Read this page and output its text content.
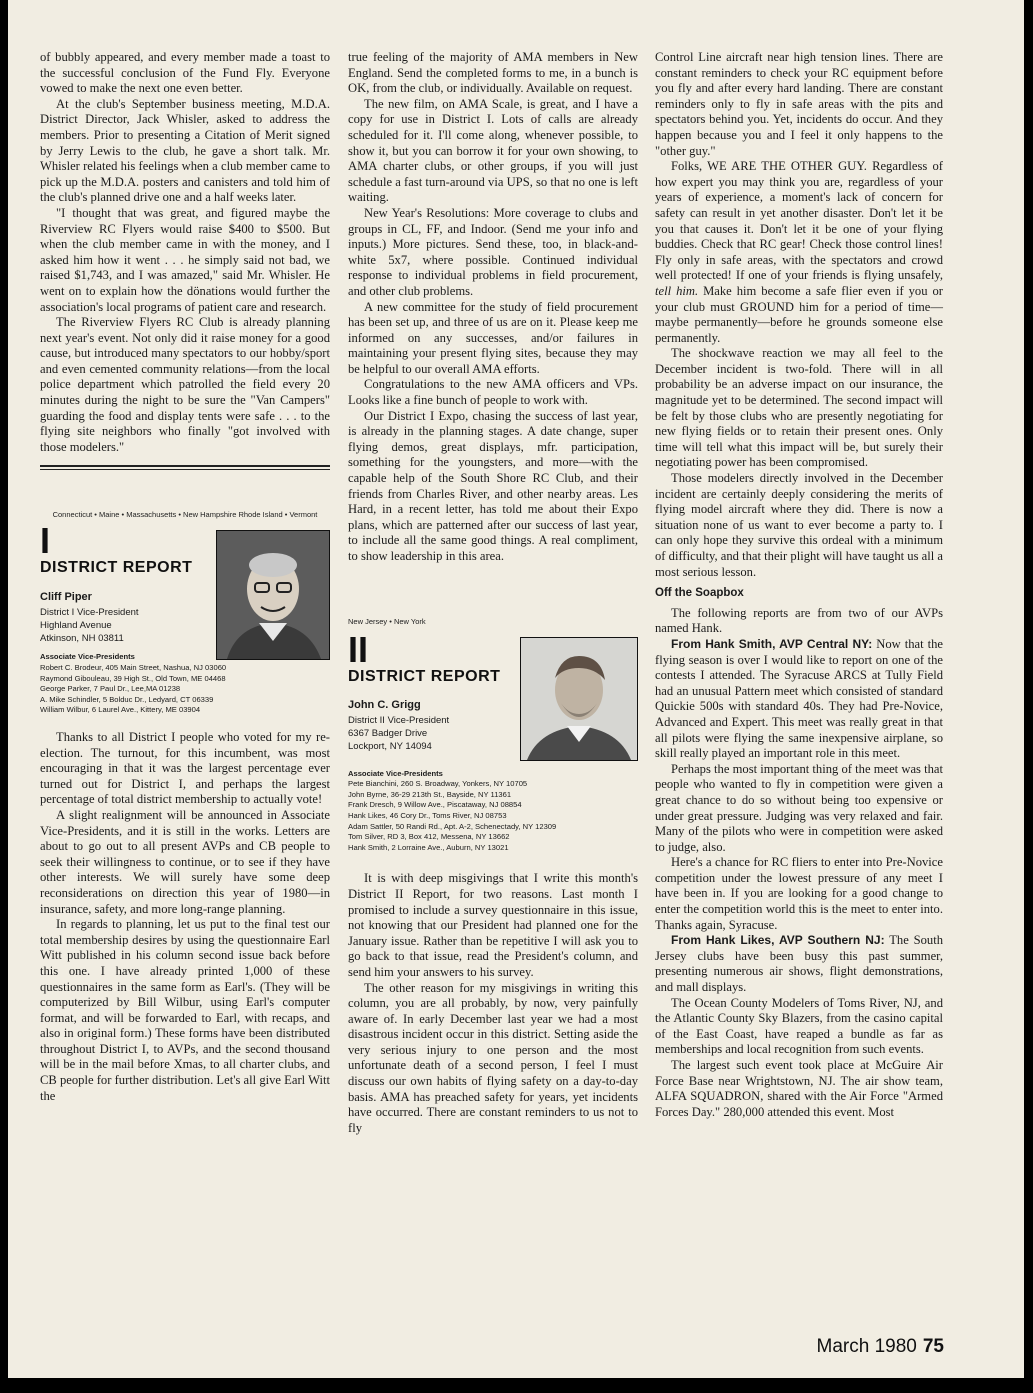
of bubbly appeared, and every member made a toast to the successful conclusion of the Fund Fly. Everyone vowed to make the next one even better.

At the club's September business meeting, M.D.A. District Director, Jack Whisler, asked to address the members. Prior to presenting a Citation of Merit signed by Jerry Lewis to the club, he gave a short talk. Mr. Whisler related his feelings when a club member came to pick up the M.D.A. posters and canisters and told him of the club's planned drive one and a half weeks later.

"I thought that was great, and figured maybe the Riverview RC Flyers would raise $400 to $500. But when the club member came in with the money, and I asked him how it went . . . he simply said not bad, we raised $1,743, and I was amazed," said Mr. Whisler. He went on to explain how the dönations would further the association's local programs of patient care and research.

The Riverview Flyers RC Club is already planning next year's event. Not only did it raise money for a good cause, but introduced many spectators to our hobby/sport and even cemented community relations—from the local police department which patrolled the field every 20 minutes during the night to be sure the "Van Campers" guarding the food and display tents were safe . . . to the flying site neighbors who finally "got involved with those modelers."

Connecticut • Maine • Massachusetts • New Hampshire Rhode Island • Vermont
I
DISTRICT REPORT
Cliff Piper
District I Vice-President
Highland Avenue
Atkinson, NH 03811
Associate Vice-Presidents
Robert C. Brodeur, 405 Main Street, Nashua, NJ 03060
Raymond Gibouleau, 39 High St., Old Town, ME 04468
George Parker, 7 Paul Dr., Lee,MA 01238
A. Mike Schindler, 5 Bolduc Dr., Ledyard, CT 06339
William Wilbur, 6 Laurel Ave., Kittery, ME 03904

Thanks to all District I people who voted for my re-election. The turnout, for this incumbent, was most encouraging in that it was the largest percentage ever turned out for District I, and perhaps the largest percentage of total district membership to actually vote!

A slight realignment will be announced in Associate Vice-Presidents, and it is still in the works. Letters are about to go out to all present AVPs and CB people to seek their willingness to continue, or to see if they have other interests. We will surely have some deep reconsiderations on direction this year of 1980—in insurance, safety, and more long-range planning.

In regards to planning, let us put to the final test our total membership desires by using the questionnaire Earl Witt published in his column second issue back before this one. I have already printed 1,000 of these questionnaires in the same form as Earl's. (They will be computerized by Bill Wilbur, using Earl's computer format, and will be forwarded to Earl, with recaps, and also in original form.) These forms have been distributed throughout District I, to AVPs, and the second thousand will be in the mail before Xmas, to all charter clubs, and CB people for further distribution. Let's all give Earl Witt the

true feeling of the majority of AMA members in New England. Send the completed forms to me, in a bunch is OK, from the club, or individually. Available on request.

The new film, on AMA Scale, is great, and I have a copy for use in District I. Lots of calls are already scheduled for it. I'll come along, whenever possible, to show it, but you can borrow it for your own showing, to AMA charter clubs, or other groups, if you will just schedule a fast turn-around via UPS, so that no one is left waiting.

New Year's Resolutions: More coverage to clubs and groups in CL, FF, and Indoor. (Send me your info and inputs.) More pictures. Send these, too, in black-and-white 5x7, where possible. Continued individual response to individual problems in field procurement, and other club problems.

A new committee for the study of field procurement has been set up, and three of us are on it. Please keep me informed on any successes, and/or failures in maintaining your present flying sites, because they may be helpful to our overall AMA efforts.

Congratulations to the new AMA officers and VPs. Looks like a fine bunch of people to work with.

Our District I Expo, chasing the success of last year, is already in the planning stages. A date change, super flying demos, great displays, mfr. participation, something for the youngsters, and more—with the capable help of the South Shore RC Club, and their friends from Charles River, and other nearby areas. Les Hard, in a recent letter, has told me about their Expo plans, which are patterned after our success of last year, to include all the same good things. A real compliment, to show leadership in this area.

New Jersey • New York
II
DISTRICT REPORT
John C. Grigg
District II Vice-President
6367 Badger Drive
Lockport, NY 14094
Associate Vice-Presidents
Pete Bianchini, 260 S. Broadway, Yonkers, NY 10705
John Byrne, 36-29 213th St., Bayside, NY 11361
Frank Dresch, 9 Willow Ave., Piscataway, NJ 08854
Hank Likes, 46 Cory Dr., Toms River, NJ 08753
Adam Sattler, 50 Randi Rd., Apt. A-2, Schenectady, NY 12309
Tom Silver, RD 3, Box 412, Messena, NY 13662
Hank Smith, 2 Lorraine Ave., Auburn, NY 13021

It is with deep misgivings that I write this month's District II Report, for two reasons. Last month I promised to include a survey questionnaire in this issue, not knowing that our President had planned one for the January issue. Rather than be repetitive I will ask you to go back to that issue, read the President's column, and send him your answers to his survey.

The other reason for my misgivings in writing this column, you are all probably, by now, very painfully aware of. In early December last year we had a most disastrous incident occur in this district. Setting aside the very serious injury to one person and the most unfortunate death of a second person, I feel I must discuss our own habits of flying safety on a day-to-day basis. AMA has preached safety for years, yet incidents have occurred. There are constant reminders to us not to fly

Control Line aircraft near high tension lines. There are constant reminders to check your RC equipment before you fly and after every hard landing. There are constant reminders only to fly in safe areas with the pits and spectators behind you. Yet, incidents do occur. And they happen because you and I feel it only happens to the "other guy."

Folks, WE ARE THE OTHER GUY. Regardless of how expert you may think you are, regardless of your years of experience, a moment's lack of concern for safety can result in yet another disaster. Don't let it be you that causes it. Don't let it be one of your flying buddies. Check that RC gear! Check those control lines! Fly only in safe areas, with the spectators and crowd well protected! If one of your friends is flying unsafely, tell him. Make him become a safe flier even if you or your club must GROUND him for a period of time—maybe permanently—before he grounds someone else permanently.

The shockwave reaction we may all feel to the December incident is two-fold. There will in all probability be an adverse impact on our insurance, the magnitude yet to be determined. The second impact will be felt by those clubs who are presently negotiating for new flying fields or to retain their present ones. Only time will tell what this impact will be, but surely their negotiating power has been compromised.

Those modelers directly involved in the December incident are certainly deeply considering the merits of flying model aircraft where they did. There is now a situation none of us want to ever become a party to. I can only hope they survive this ordeal with a minimum of difficulty, and that their plight will have taught us all a most serious lesson.

Off the Soapbox

The following reports are from two of our AVPs named Hank.

From Hank Smith, AVP Central NY: Now that the flying season is over I would like to report on one of the contests I attended. The Syracuse ARCS at Tully Field had an unusual Pattern meet which consisted of standard Quickie 500s with standard 40s. They had Pre-Novice, Advanced and Expert. This meet was really great in that all pilots were flying the same inexpensive airplane, so skill really played an important role in this meet.

Perhaps the most important thing of the meet was that people who wanted to fly in competition were given a great chance to do so without being too expensive or under great pressure. Judging was very relaxed and fair. Many of the pilots who were in competition were asked to judge, also.

Here's a chance for RC fliers to enter into Pre-Novice competition under the lowest pressure of any meet I have been in. If you are looking for a good change to enter the competition world this is the meet to enter into. Thanks again, Syracuse.

From Hank Likes, AVP Southern NJ: The South Jersey clubs have been busy this past summer, presenting numerous air shows, flight demonstrations, and mall displays.

The Ocean County Modelers of Toms River, NJ, and the Atlantic County Sky Blazers, from the casino capital of the East Coast, have reaped a bundle as far as memberships and local recognition from such events.

The largest such event took place at McGuire Air Force Base near Wrightstown, NJ. The air show team, ALFA SQUADRON, shared with the Air Force "Armed Forces Day." 280,000 attended this event. Most

March 1980 75
